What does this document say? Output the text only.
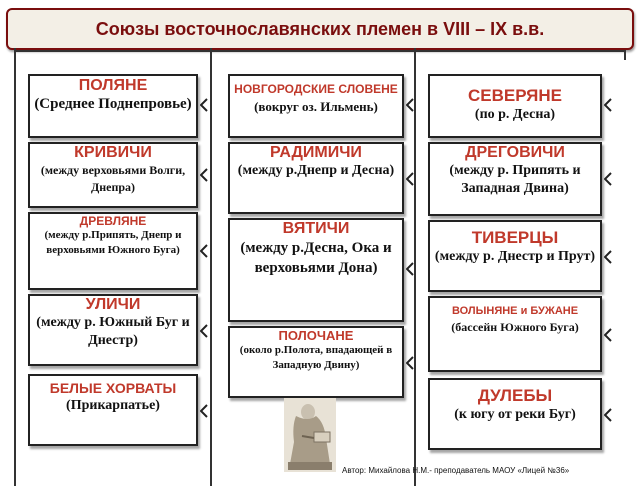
Союзы восточнославянских племен в VIII – IX в.в.
ПОЛЯНЕ
(Среднее Поднепровье)
КРИВИЧИ
(между верховьями Волги, Днепра)
ДРЕВЛЯНЕ
(между р.Припять, Днепр и верховьями Южного Буга)
УЛИЧИ
(между р. Южный Буг и Днестр)
БЕЛЫЕ ХОРВАТЫ
(Прикарпатье)
НОВГОРОДСКИЕ СЛОВЕНЕ (вокруг оз. Ильмень)
РАДИМИЧИ
(между р.Днепр и Десна)
ВЯТИЧИ
(между р.Десна, Ока и верховьями Дона)
ПОЛОЧАНЕ
(около р.Полота, впадающей в Западную Двину)
СЕВЕРЯНЕ
(по р. Десна)
ДРЕГОВИЧИ
(между р. Припять и Западная Двина)
ТИВЕРЦЫ
(между р. Днестр и Прут)
ВОЛЫНЯНЕ и БУЖАНЕ
(бассейн Южного Буга)
ДУЛЕБЫ
(к югу от реки Буг)
Автор: Михайлова Н.М.- преподаватель МАОУ «Лицей №36»
